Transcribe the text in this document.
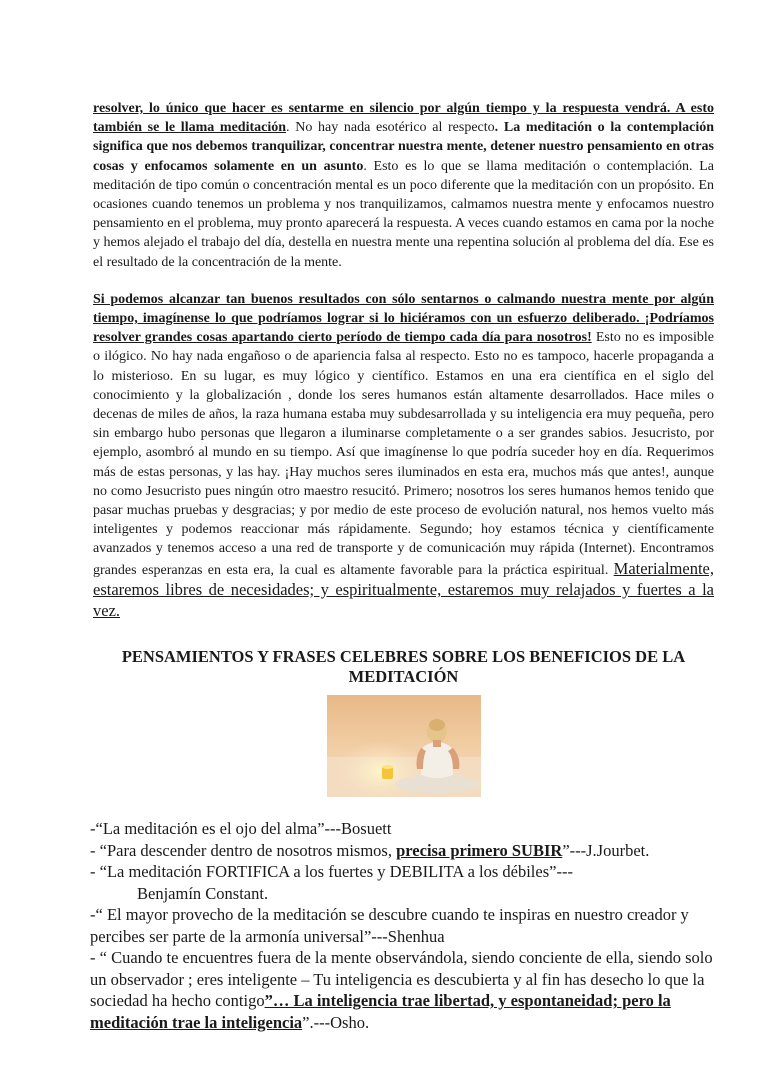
resolver, lo único que hacer es sentarme en silencio por algún tiempo y la respuesta vendrá. A esto también se le llama meditación. No hay nada esotérico al respecto. La meditación o la contemplación significa que nos debemos tranquilizar, concentrar nuestra mente, detener nuestro pensamiento en otras cosas y enfocamos solamente en un asunto. Esto es lo que se llama meditación o contemplación. La meditación de tipo común o concentración mental es un poco diferente que la meditación con un propósito. En ocasiones cuando tenemos un problema y nos tranquilizamos, calmamos nuestra mente y enfocamos nuestro pensamiento en el problema, muy pronto aparecerá la respuesta. A veces cuando estamos en cama por la noche y hemos alejado el trabajo del día, destella en nuestra mente una repentina solución al problema del día. Ese es el resultado de la concentración de la mente.

Si podemos alcanzar tan buenos resultados con sólo sentarnos o calmando nuestra mente por algún tiempo, imagínense lo que podríamos lograr si lo hiciéramos con un esfuerzo deliberado. ¡Podríamos resolver grandes cosas apartando cierto período de tiempo cada día para nosotros! Esto no es imposible o ilógico. No hay nada engañoso o de apariencia falsa al respecto. Esto no es tampoco, hacerle propaganda a lo misterioso. En su lugar, es muy lógico y científico. Estamos en una era científica en el siglo del conocimiento y la globalización , donde los seres humanos están altamente desarrollados. Hace miles o decenas de miles de años, la raza humana estaba muy subdesarrollada y su inteligencia era muy pequeña, pero sin embargo hubo personas que llegaron a iluminarse completamente o a ser grandes sabios. Jesucristo, por ejemplo, asombró al mundo en su tiempo. Así que imagínense lo que podría suceder hoy en día. Requerimos más de estas personas, y las hay. ¡Hay muchos seres iluminados en esta era, muchos más que antes!, aunque no como Jesucristo pues ningún otro maestro resucitó. Primero; nosotros los seres humanos hemos tenido que pasar muchas pruebas y desgracias; y por medio de este proceso de evolución natural, nos hemos vuelto más inteligentes y podemos reaccionar más rápidamente. Segundo; hoy estamos técnica y científicamente avanzados y tenemos acceso a una red de transporte y de comunicación muy rápida (Internet). Encontramos grandes esperanzas en esta era, la cual es altamente favorable para la práctica espiritual. Materialmente, estaremos libres de necesidades; y espiritualmente, estaremos muy relajados y fuertes a la vez.

PENSAMIENTOS Y FRASES CELEBRES SOBRE LOS BENEFICIOS DE LA MEDITACIÓN

-“La meditación es el ojo del alma”---Bosuett

- “Para descender dentro de nosotros mismos, precisa primero SUBIR”---J.Jourbet.

- “La meditación FORTIFICA a los fuertes y DEBILITA a los débiles”---

Benjamín Constant.

-“ El mayor provecho de la meditación se descubre cuando te inspiras en nuestro creador y percibes ser parte de la armonía universal”---Shenhua

- “ Cuando te encuentres fuera de la mente observándola, siendo conciente de ella, siendo solo un observador ; eres inteligente – Tu inteligencia es descubierta y al fin has desecho lo que la sociedad ha hecho contigo”… La inteligencia trae libertad, y espontaneidad; pero la meditación trae la inteligencia”.---Osho.
